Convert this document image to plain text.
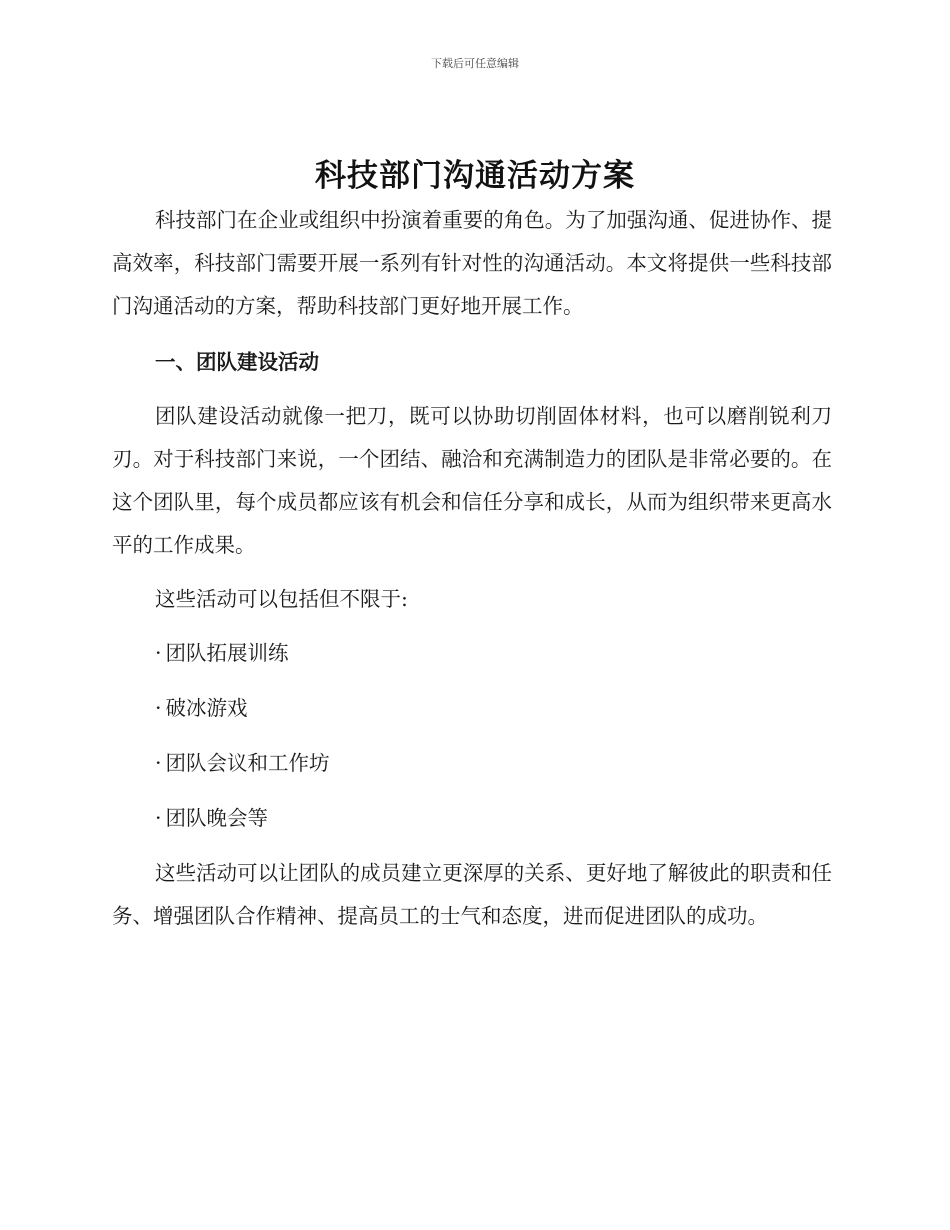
下载后可任意编辑
科技部门沟通活动方案

科技部门在企业或组织中扮演着重要的角色。为了加强沟通、促进协作、提高效率，科技部门需要开展一系列有针对性的沟通活动。本文将提供一些科技部门沟通活动的方案，帮助科技部门更好地开展工作。

一、团队建设活动

团队建设活动就像一把刀，既可以协助切削固体材料，也可以磨削锐利刀刃。对于科技部门来说，一个团结、融洽和充满制造力的团队是非常必要的。在这个团队里，每个成员都应该有机会和信任分享和成长，从而为组织带来更高水平的工作成果。

这些活动可以包括但不限于:

· 团队拓展训练
· 破冰游戏
· 团队会议和工作坊
· 团队晚会等

这些活动可以让团队的成员建立更深厚的关系、更好地了解彼此的职责和任务、增强团队合作精神、提高员工的士气和态度，进而促进团队的成功。
